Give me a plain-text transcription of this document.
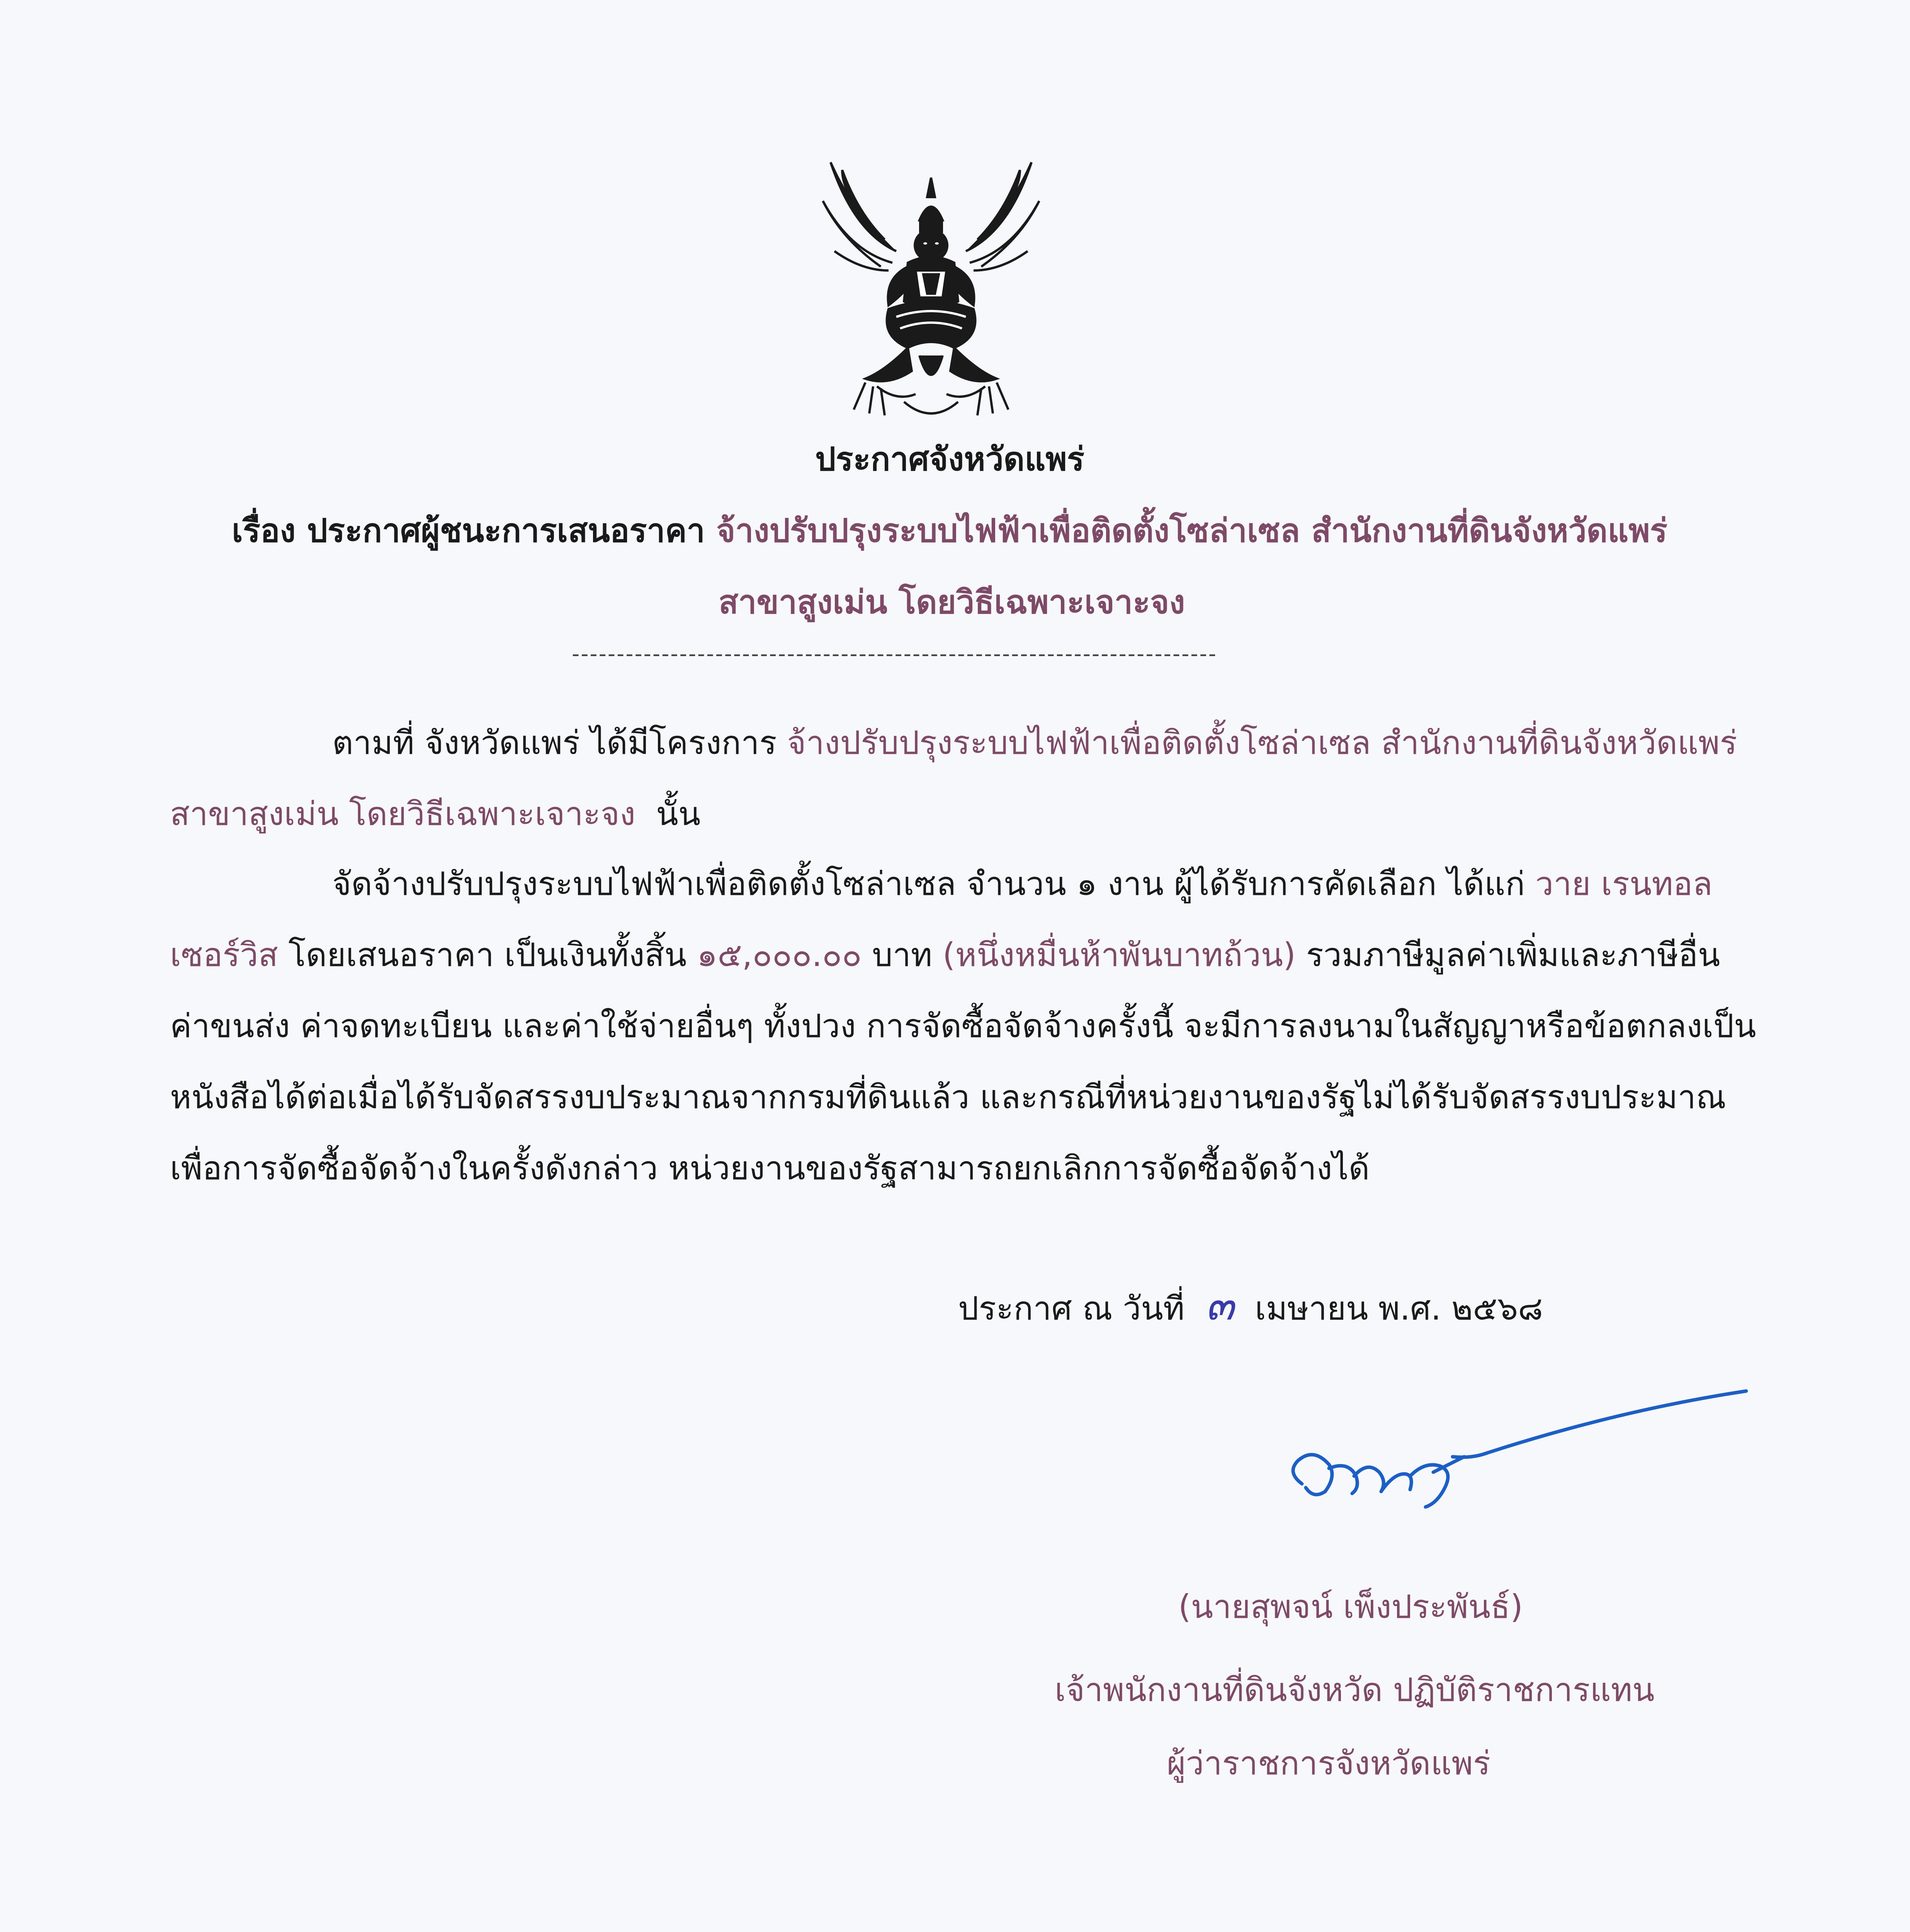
ประกาศจังหวัดแพร่
เรื่อง ประกาศผู้ชนะการเสนอราคา จ้างปรับปรุงระบบไฟฟ้าเพื่อติดตั้งโซล่าเซล สำนักงานที่ดินจังหวัดแพร่
สาขาสูงเม่น โดยวิธีเฉพาะเจาะจง
------------------------------------------------------------------------
ตามที่ จังหวัดแพร่ ได้มีโครงการ จ้างปรับปรุงระบบไฟฟ้าเพื่อติดตั้งโซล่าเซล สำนักงานที่ดินจังหวัดแพร่
สาขาสูงเม่น โดยวิธีเฉพาะเจาะจง นั้น
จัดจ้างปรับปรุงระบบไฟฟ้าเพื่อติดตั้งโซล่าเซล จำนวน ๑ งาน ผู้ได้รับการคัดเลือก ได้แก่ วาย เรนทอล
เซอร์วิส โดยเสนอราคา เป็นเงินทั้งสิ้น ๑๕,๐๐๐.๐๐ บาท (หนึ่งหมื่นห้าพันบาทถ้วน) รวมภาษีมูลค่าเพิ่มและภาษีอื่น
ค่าขนส่ง ค่าจดทะเบียน และค่าใช้จ่ายอื่นๆ ทั้งปวง การจัดซื้อจัดจ้างครั้งนี้ จะมีการลงนามในสัญญาหรือข้อตกลงเป็น
หนังสือได้ต่อเมื่อได้รับจัดสรรงบประมาณจากกรมที่ดินแล้ว และกรณีที่หน่วยงานของรัฐไม่ได้รับจัดสรรงบประมาณ
เพื่อการจัดซื้อจัดจ้างในครั้งดังกล่าว หน่วยงานของรัฐสามารถยกเลิกการจัดซื้อจัดจ้างได้
ประกาศ ณ วันที่ ๓ เมษายน พ.ศ. ๒๕๖๘
(นายสุพจน์ เพ็งประพันธ์)
เจ้าพนักงานที่ดินจังหวัด ปฏิบัติราชการแทน
ผู้ว่าราชการจังหวัดแพร่
